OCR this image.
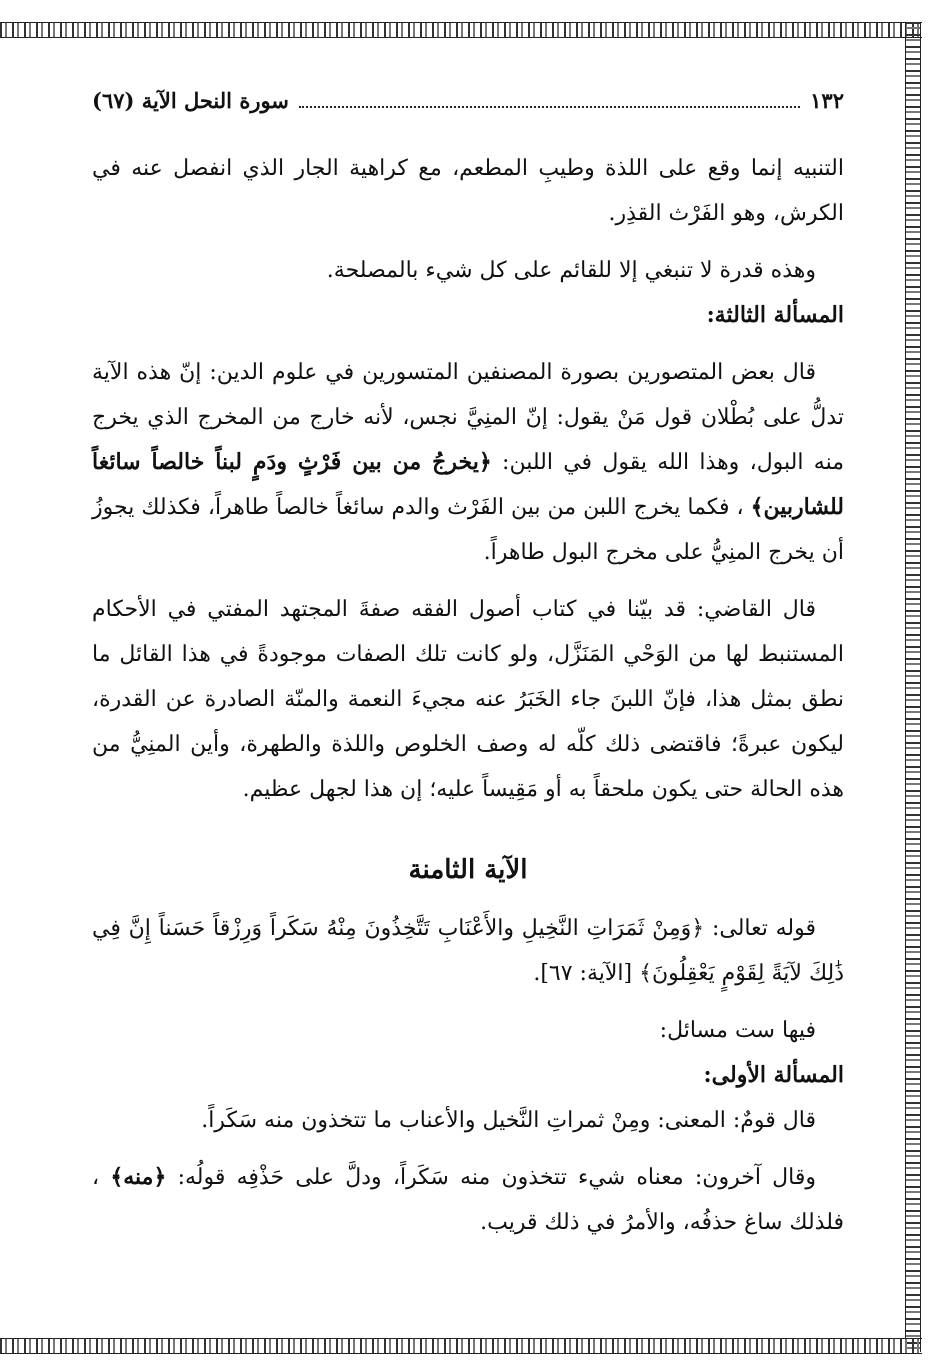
١٣٢
سورة النحل الآية (٦٧)

التنبيه إنما وقع على اللذة وطيبِ المطعم، مع كراهية الجار الذي انفصل عنه في الكرش، وهو الفَرْث القذِر.

وهذه قدرة لا تنبغي إلا للقائم على كل شيء بالمصلحة.

المسألة الثالثة:

قال بعض المتصورين بصورة المصنفين المتسورين في علوم الدين: إنّ هذه الآية تدلُّ على بُطْلان قول مَنْ يقول: إنّ المنِيَّ نجس، لأنه خارج من المخرج الذي يخرج منه البول، وهذا الله يقول في اللبن: ﴿يخرجُ من بين فَرْثٍ ودَمٍ لبناً خالصاً سائغاً للشاربين﴾ ، فكما يخرج اللبن من بين الفَرْث والدم سائغاً خالصاً طاهراً، فكذلك يجوزُ أن يخرج المنِيُّ على مخرج البول طاهراً.

قال القاضي: قد بيّنا في كتاب أصول الفقه صفةَ المجتهد المفتي في الأحكام المستنبط لها من الوَحْي المَنَزَّل، ولو كانت تلك الصفات موجودةً في هذا القائل ما نطق بمثل هذا، فإنّ اللبنَ جاء الخَبَرُ عنه مجيءَ النعمة والمنّة الصادرة عن القدرة، ليكون عبرةً؛ فاقتضى ذلك كلّه له وصف الخلوص واللذة والطهرة، وأين المنِيُّ من هذه الحالة حتى يكون ملحقاً به أو مَقِيساً عليه؛ إن هذا لجهل عظيم.

الآية الثامنة

قوله تعالى: ﴿وَمِنْ ثَمَرَاتِ النَّخِيلِ والأَعْنَابِ تَتَّخِذُونَ مِنْهُ سَكَراً وَرِزْقاً حَسَناً إِنَّ فِي ذَٰلِكَ لآيَةً لِقَوْمٍ يَعْقِلُونَ﴾ [الآية: ٦٧].

فيها ست مسائل:

المسألة الأولى:

قال قومٌ: المعنى: ومِنْ ثمراتِ النَّخيل والأعناب ما تتخذون منه سَكَراً.

وقال آخرون: معناه شيء تتخذون منه سَكَراً، ودلَّ على حَذْفِه قولُه: ﴿منه﴾ ، فلذلك ساغ حذفُه، والأمرُ في ذلك قريب.
